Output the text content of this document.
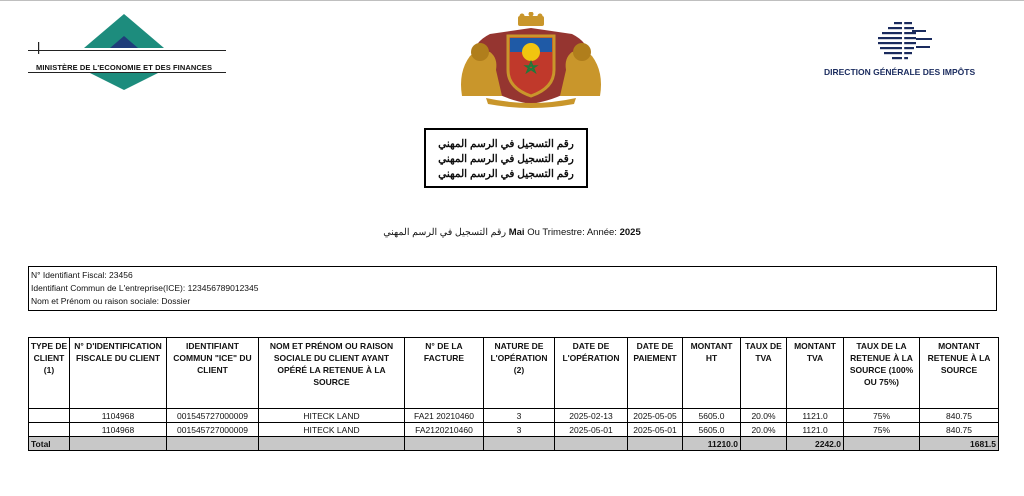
MINISTÈRE DE L'ECONOMIE ET DES FINANCES	DIRECTION GÉNÉRALE DES IMPÔTS
رقم التسجيل في الرسم المهني
رقم التسجيل في الرسم المهني
رقم التسجيل في الرسم المهني
رقم التسجيل في الرسم المهني Mai Ou Trimestre: Année: 2025
N° Identifiant Fiscal: 23456
Identifiant Commun de L'entreprise(ICE): 123456789012345
Nom et Prénom ou raison sociale: Dossier
TYPE DE CLIENT (1)	N° D'IDENTIFICATION FISCALE DU CLIENT	IDENTIFIANT COMMUN "ICE" DU CLIENT	NOM ET PRÉNOM OU RAISON SOCIALE DU CLIENT AYANT OPÉRÉ LA RETENUE À LA SOURCE	N° DE LA FACTURE	NATURE DE L'OPÉRATION (2)	DATE DE L'OPÉRATION	DATE DE PAIEMENT	MONTANT HT	TAUX DE TVA	MONTANT TVA	TAUX DE LA RETENUE À LA SOURCE (100% OU 75%)	MONTANT RETENUE À LA SOURCE
	1104968	001545727000009	HITECK LAND	FA21 20210460	3	2025-02-13	2025-05-05	5605.0	20.0%	1121.0	75%	840.75
	1104968	001545727000009	HITECK LAND	FA2120210460	3	2025-05-01	2025-05-01	5605.0	20.0%	1121.0	75%	840.75
Total								11210.0		2242.0		1681.5
